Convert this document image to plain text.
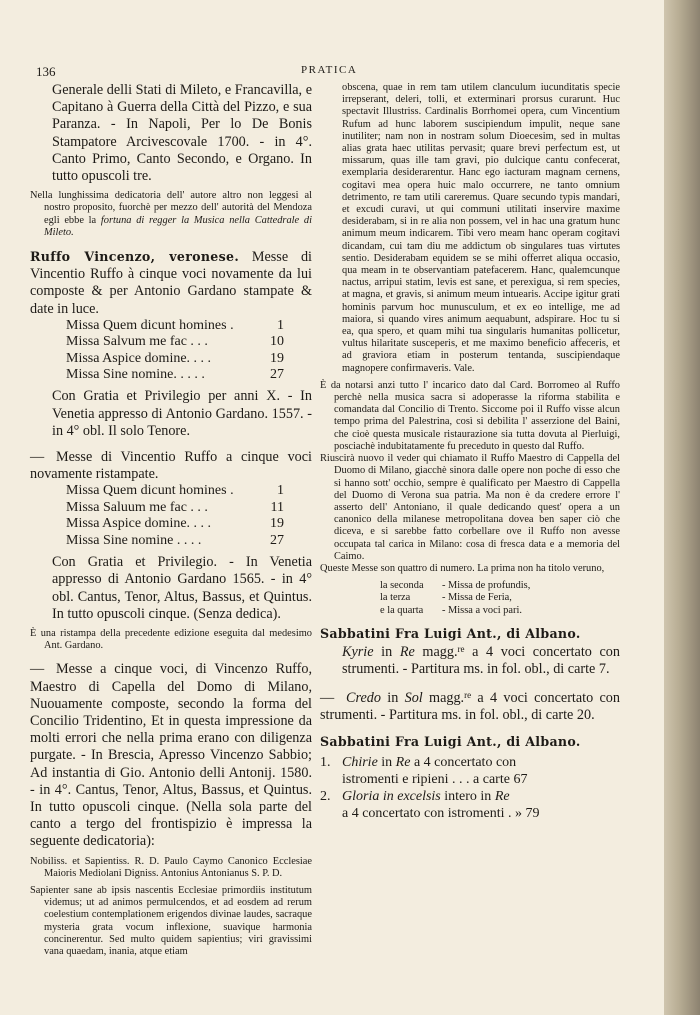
136	PRATICA

Generale delli Stati di Mileto, e Francavilla, e Capitano à Guerra della Città del Pizzo, e sua Paranza. - In Napoli, Per lo De Bonis Stampatore Arcivescovale 1700. - in 4°. Canto Primo, Canto Secondo, e Organo. In tutto opuscoli tre.

Nella lunghissima dedicatoria dell' autore altro non leggesi al nostro proposito, fuorchè per mezzo dell' autorità del Mendoza egli ebbe la fortuna di regger la Musica nella Cattedrale di Mileto.

Ruffo Vincenzo, veronese. Messe di Vincentio Ruffo à cinque voci novamente da lui composte & per Antonio Gardano stampate & date in luce.

Missa Quem dicunt homines .	1
Missa Salvum me fac . . .	10
Missa Aspice domine. . . .	19
Missa Sine nomine. . . . .	27

Con Gratia et Privilegio per anni X. - In Venetia appresso di Antonio Gardano. 1557. - in 4° obl. Il solo Tenore.

— Messe di Vincentio Ruffo a cinque voci novamente ristampate.

Missa Quem dicunt homines .	1
Missa Saluum me fac . . .	11
Missa Aspice domine. . . .	19
Missa Sine nomine . . . .	27

Con Gratia et Privilegio. - In Venetia appresso di Antonio Gardano 1565. - in 4° obl. Cantus, Tenor, Altus, Bassus, et Quintus. In tutto opuscoli cinque. (Senza dedica).

È una ristampa della precedente edizione eseguita dal medesimo Ant. Gardano.

— Messe a cinque voci, di Vincenzo Ruffo, Maestro di Capella del Domo di Milano, Nuouamente composte, secondo la forma del Concilio Tridentino, Et in questa impressione da molti errori che nella prima erano con diligenza purgate. - In Brescia, Apresso Vincenzo Sabbio; Ad instantia di Gio. Antonio delli Antonij. 1580. - in 4°. Cantus, Tenor, Altus, Bassus, et Quintus. In tutto opuscoli cinque. (Nella sola parte del canto a tergo del frontispizio è impressa la seguente dedicatoria):

Nobiliss. et Sapientiss. R. D. Paulo Caymo Canonico Ecclesiae Maioris Mediolani Digniss. Antonius Antonianus S. P. D.

Sapienter sane ab ipsis nascentis Ecclesiae primordiis institutum videmus; ut ad animos permulcendos, et ad eosdem ad rerum coelestium contemplationem erigendos divinae laudes, sacraque mysteria grata vocum inflexione, suavique harmonia concinerentur. Sed multo quidem sapientius; viri gravissimi vana quaedam, inania, atque etiam

obscena, quae in rem tam utilem clanculum iucunditatis specie irrepserant, deleri, tolli, et exterminari prorsus curarunt. Huc spectavit Illustriss. Cardinalis Borrhomei opera, cum Vincentium Rufum ad hunc laborem suscipiendum impulit, neque sane inutiliter; nam non in nostram solum Dioecesim, sed in multas alias grata haec utilitas pervasit; quare brevi perfectum est, ut missarum, quas ille tam gravi, pio dulcique cantu confecerat, exemplaria desiderarentur. Hanc ego iacturam magnam cernens, cogitavi mea opera huic malo occurrere, ne tanto omnium detrimento, re tam utili careremus. Quare secundo typis mandari, et excudi curavi, ut qui communi utilitati inservire maxime desiderabam, si in re alia non possem, vel in hac una gratum hunc animum meum indicarem. Tibi vero meam hanc operam cogitavi dicandam, cui tam diu me addictum ob singulares tuas virtutes sentio. Desiderabam equidem se se mihi offerret aliqua occasio, qua meam in te observantiam patefacerem. Hanc, qualemcunque nactus, arripui statim, levis est sane, et perexigua, si rem species, at magna, et gravis, si animum meum intuearis. Accipe igitur grati hominis parvum hoc munusculum, et ex eo intellige, me ad maiora, si quando vires animum aequabunt, adspirare. Hoc tu si ea, qua spero, et quam mihi tua singularis humanitas pollicetur, vultus hilaritate susceperis, et me maximo beneficio affeceris, et ad graviora etiam in posterum tentanda, suscipiendaque magnopere confirmaveris. Vale.

È da notarsi anzi tutto l' incarico dato dal Card. Borromeo al Ruffo perchè nella musica sacra si adoperasse la riforma stabilita e comandata dal Concilio di Trento. Siccome poi il Ruffo visse alcun tempo prima del Palestrina, così si debilita l' asserzione del Baini, che cioè questa musicale ristaurazione sia tutta dovuta al Pierluigi, posciachè indubitatamente fu preceduto in questo dal Ruffo.

Riuscirà nuovo il veder qui chiamato il Ruffo Maestro di Cappella del Duomo di Milano, giacchè sinora dalle opere non poche di esso che si hanno sott' occhio, sempre è qualificato per Maestro di Cappella del Duomo di Verona sua patria. Ma non è da credere errore l' asserto dell' Antoniano, il quale dedicando quest' opera a un canonico della milanese metropolitana dovea ben saper ciò che diceva, e si sarebbe fatto corbellare ove il Ruffo non avesse occupata tal carica in Milano: cosa di fresca data e a memoria del Caimo.

Queste Messe son quattro di numero. La prima non ha titolo veruno,

la seconda	- Missa de profundis,
la terza	- Missa de Feria,
e la quarta	- Missa a voci pari.

Sabbatini Fra Luigi Ant., di Albano.

Kyrie in Re magg.$^{re}$ a 4 voci concertato con strumenti. - Partitura ms. in fol. obl., di carte 7.

— Credo in Sol magg.$^{re}$ a 4 voci concertato con strumenti. - Partitura ms. in fol. obl., di carte 20.

Sabbatini Fra Luigi Ant., di Albano.

1. Chirie in Re a 4 concertato con
istromenti e ripieni . . . a carte 67
2. Gloria in excelsis intero in Re
a 4 concertato con istromenti . » 79
